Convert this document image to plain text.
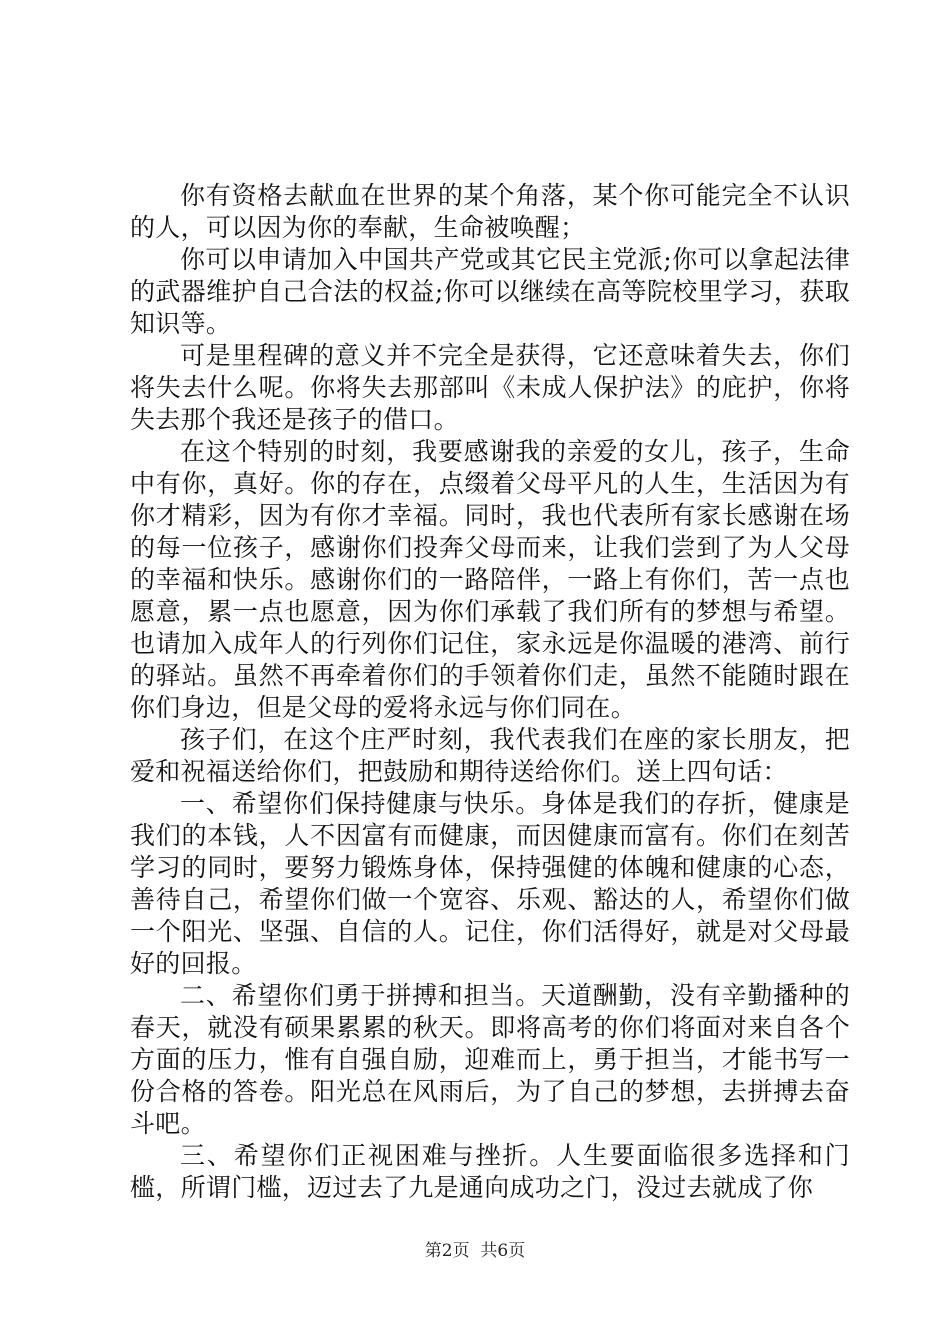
你有资格去献血在世界的某个角落，某个你可能完全不认识的人，可以因为你的奉献，生命被唤醒；

你可以申请加入中国共产党或其它民主党派;你可以拿起法律的武器维护自己合法的权益;你可以继续在高等院校里学习，获取知识等。

可是里程碑的意义并不完全是获得，它还意味着失去，你们将失去什么呢。你将失去那部叫《未成人保护法》的庇护，你将失去那个我还是孩子的借口。

在这个特别的时刻，我要感谢我的亲爱的女儿，孩子，生命中有你，真好。你的存在，点缀着父母平凡的人生，生活因为有你才精彩，因为有你才幸福。同时，我也代表所有家长感谢在场的每一位孩子，感谢你们投奔父母而来，让我们尝到了为人父母的幸福和快乐。感谢你们的一路陪伴，一路上有你们，苦一点也愿意，累一点也愿意，因为你们承载了我们所有的梦想与希望。也请加入成年人的行列你们记住，家永远是你温暖的港湾、前行的驿站。虽然不再牵着你们的手领着你们走，虽然不能随时跟在你们身边，但是父母的爱将永远与你们同在。

孩子们，在这个庄严时刻，我代表我们在座的家长朋友，把爱和祝福送给你们，把鼓励和期待送给你们。送上四句话：

一、希望你们保持健康与快乐。身体是我们的存折，健康是我们的本钱，人不因富有而健康，而因健康而富有。你们在刻苦学习的同时，要努力锻炼身体，保持强健的体魄和健康的心态，善待自己，希望你们做一个宽容、乐观、豁达的人，希望你们做一个阳光、坚强、自信的人。记住，你们活得好，就是对父母最好的回报。

二、希望你们勇于拼搏和担当。天道酬勤，没有辛勤播种的春天，就没有硕果累累的秋天。即将高考的你们将面对来自各个方面的压力，惟有自强自励，迎难而上，勇于担当，才能书写一份合格的答卷。阳光总在风雨后，为了自己的梦想，去拼搏去奋斗吧。

三、希望你们正视困难与挫折。人生要面临很多选择和门槛，所谓门槛，迈过去了九是通向成功之门，没过去就成了你

第2页  共6页
